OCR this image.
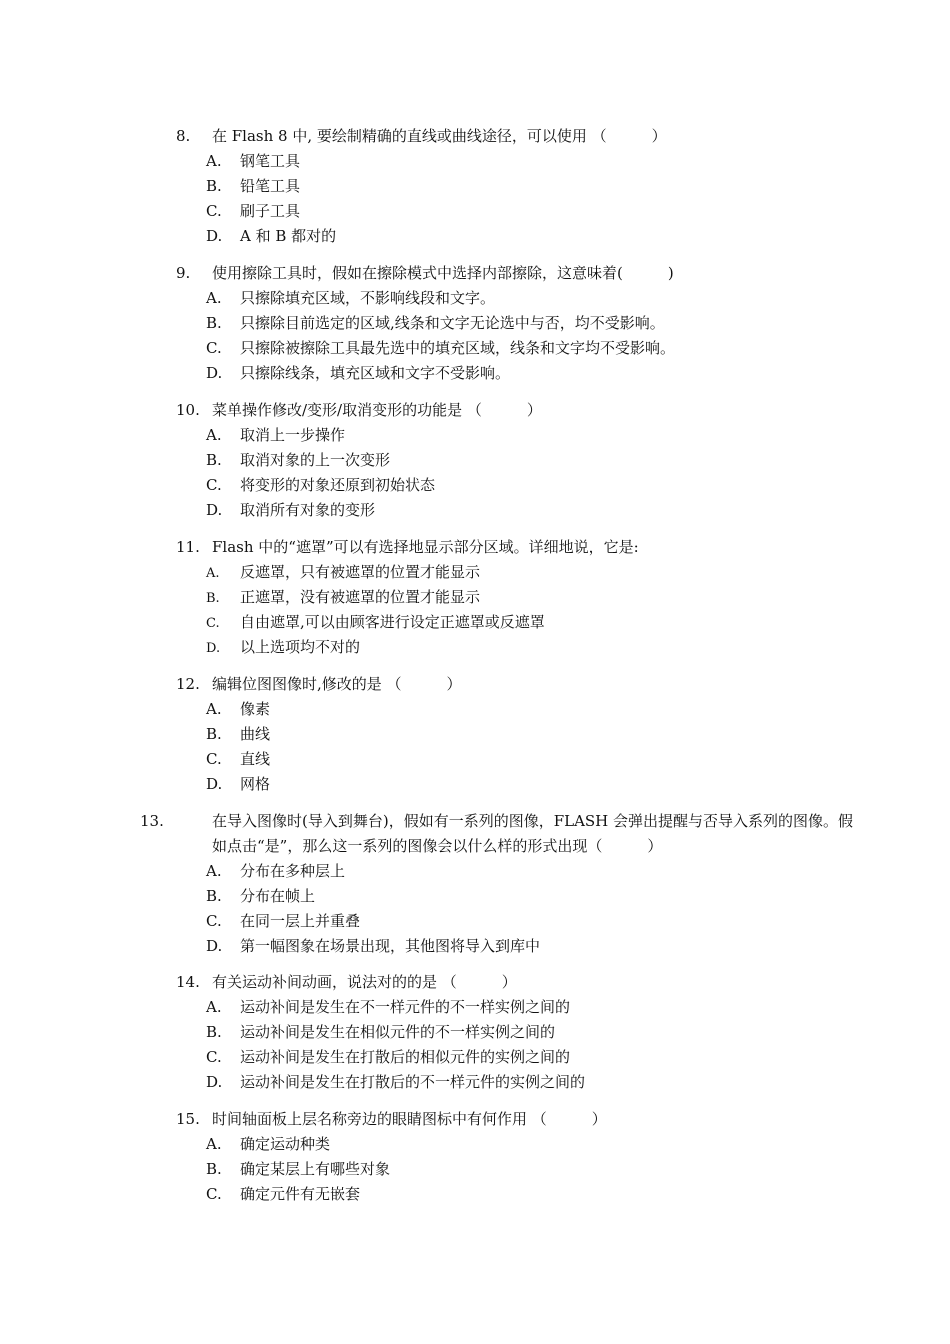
8. 在 Flash 8 中, 要绘制精确的直线或曲线途径，可以使用 （　　　）
A. 钢笔工具
B. 铅笔工具
C. 刷子工具
D. A 和 B 都对的
9. 使用擦除工具时，假如在擦除模式中选择内部擦除，这意味着(　　　)
A. 只擦除填充区域，不影响线段和文字。
B. 只擦除目前选定的区域,线条和文字无论选中与否，均不受影响。
C. 只擦除被擦除工具最先选中的填充区域，线条和文字均不受影响。
D. 只擦除线条，填充区域和文字不受影响。
10. 菜单操作修改/变形/取消变形的功能是 （　　　）
A. 取消上一步操作
B. 取消对象的上一次变形
C. 将变形的对象还原到初始状态
D. 取消所有对象的变形
11. Flash 中的“遮罩”可以有选择地显示部分区域。详细地说，它是:
A. 反遮罩，只有被遮罩的位置才能显示
B. 正遮罩，没有被遮罩的位置才能显示
C. 自由遮罩,可以由顾客进行设定正遮罩或反遮罩
D. 以上选项均不对的
12. 编辑位图图像时,修改的是 （　　　）
A. 像素
B. 曲线
C. 直线
D. 网格
13.	在导入图像时(导入到舞台)，假如有一系列的图像，FLASH 会弹出提醒与否导入系列的图像。假如点击“是”，那么这一系列的图像会以什么样的形式出现（　　　）
A. 分布在多种层上
B. 分布在帧上
C. 在同一层上并重叠
D. 第一幅图象在场景出现，其他图将导入到库中
14. 有关运动补间动画，说法对的的是 （　　　）
A. 运动补间是发生在不一样元件的不一样实例之间的
B. 运动补间是发生在相似元件的不一样实例之间的
C. 运动补间是发生在打散后的相似元件的实例之间的
D. 运动补间是发生在打散后的不一样元件的实例之间的
15. 时间轴面板上层名称旁边的眼睛图标中有何作用 （　　　）
A. 确定运动种类
B. 确定某层上有哪些对象
C. 确定元件有无嵌套
